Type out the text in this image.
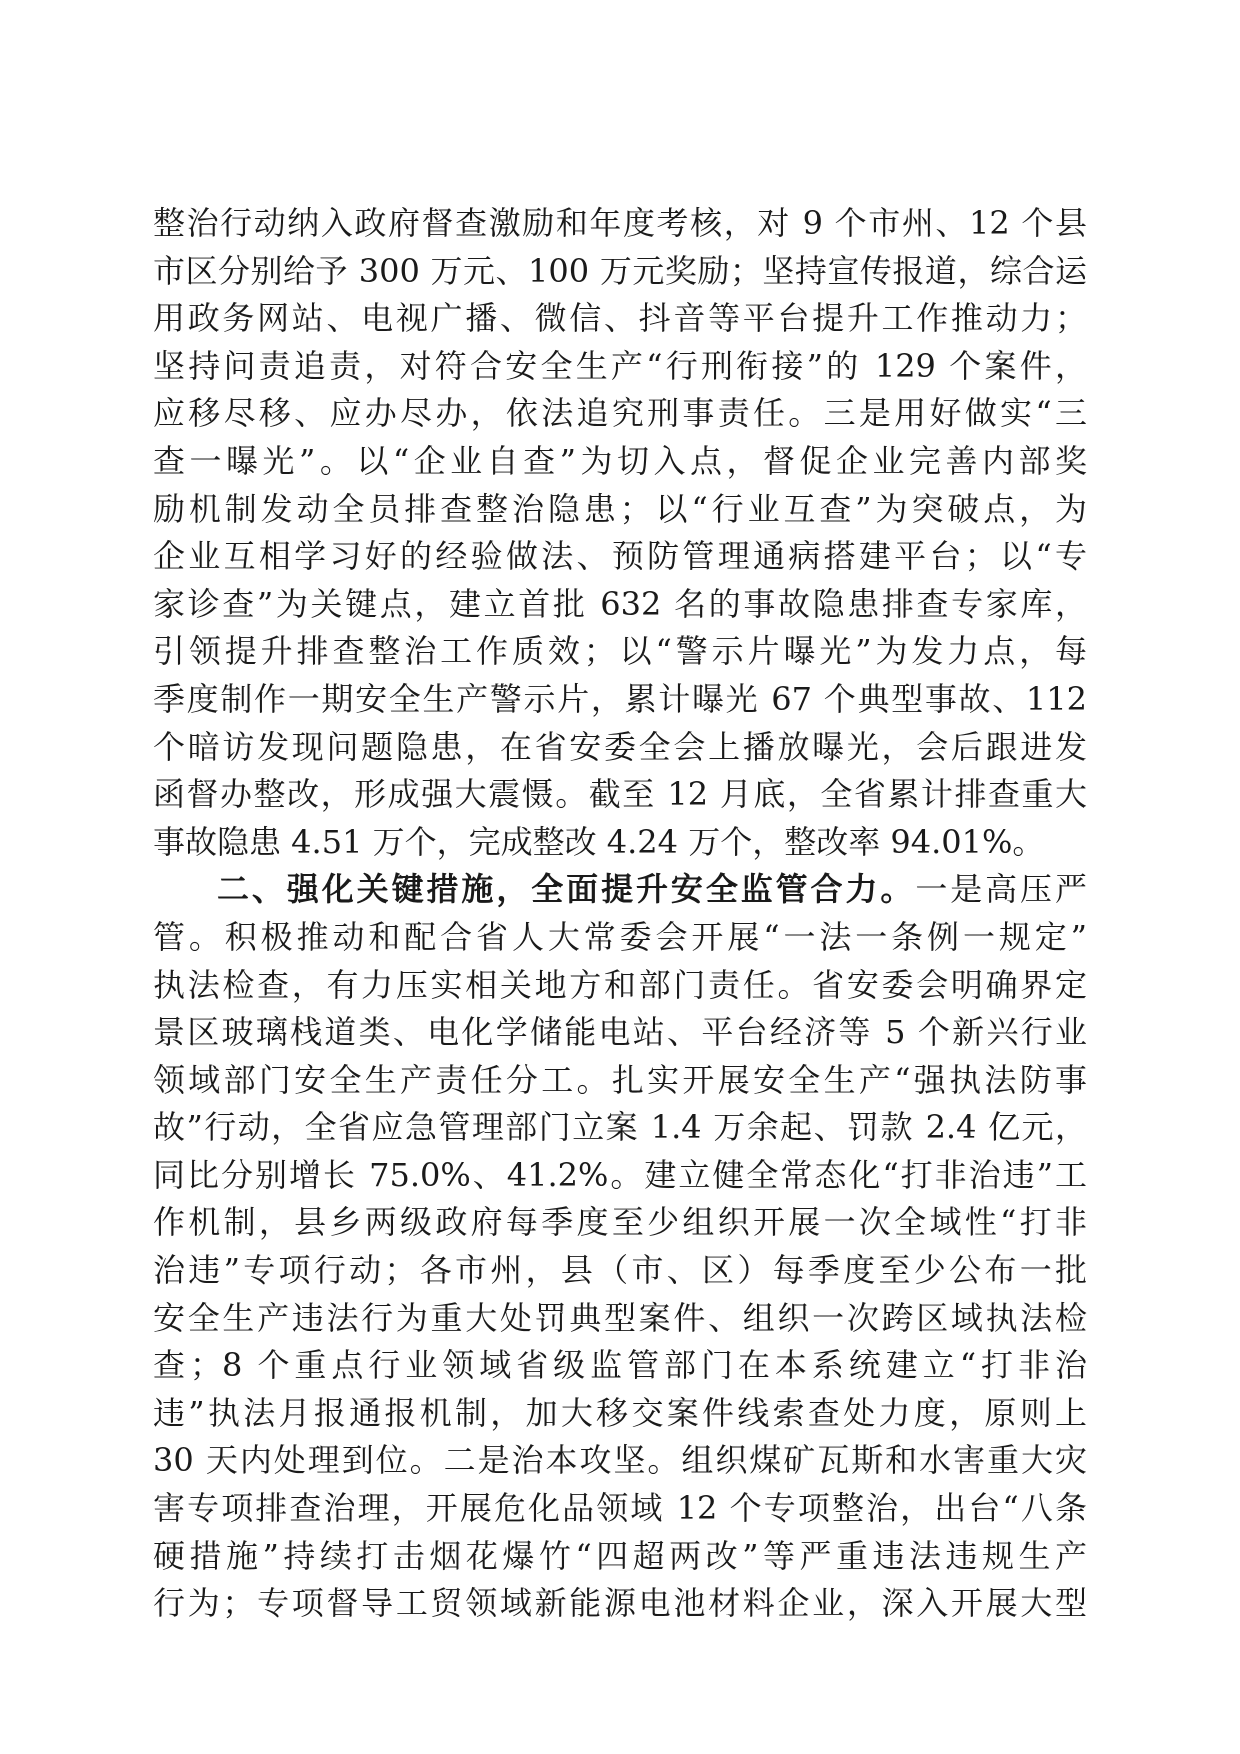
整治行动纳入政府督查激励和年度考核，对 9 个市州、12 个县
市区分别给予 300 万元、100 万元奖励；坚持宣传报道，综合运
用政务网站、电视广播、微信、抖音等平台提升工作推动力；
坚持问责追责，对符合安全生产“行刑衔接”的 129 个案件，
应移尽移、应办尽办，依法追究刑事责任。三是用好做实“三
查一曝光”。以“企业自查”为切入点，督促企业完善内部奖
励机制发动全员排查整治隐患；以“行业互查”为突破点，为
企业互相学习好的经验做法、预防管理通病搭建平台；以“专
家诊查”为关键点，建立首批 632 名的事故隐患排查专家库，
引领提升排查整治工作质效；以“警示片曝光”为发力点，每
季度制作一期安全生产警示片，累计曝光 67 个典型事故、112
个暗访发现问题隐患，在省安委全会上播放曝光，会后跟进发
函督办整改，形成强大震慑。截至 12 月底，全省累计排查重大
事故隐患 4.51 万个，完成整改 4.24 万个，整改率 94.01%。
二、强化关键措施，全面提升安全监管合力。一是高压严
管。积极推动和配合省人大常委会开展“一法一条例一规定”
执法检查，有力压实相关地方和部门责任。省安委会明确界定
景区玻璃栈道类、电化学储能电站、平台经济等 5 个新兴行业
领域部门安全生产责任分工。扎实开展安全生产“强执法防事
故”行动，全省应急管理部门立案 1.4 万余起、罚款 2.4 亿元，
同比分别增长 75.0%、41.2%。建立健全常态化“打非治违”工
作机制，县乡两级政府每季度至少组织开展一次全域性“打非
治违”专项行动；各市州，县（市、区）每季度至少公布一批
安全生产违法行为重大处罚典型案件、组织一次跨区域执法检
查；8 个重点行业领域省级监管部门在本系统建立“打非治
违”执法月报通报机制，加大移交案件线索查处力度，原则上
30 天内处理到位。二是治本攻坚。组织煤矿瓦斯和水害重大灾
害专项排查治理，开展危化品领域 12 个专项整治，出台“八条
硬措施”持续打击烟花爆竹“四超两改”等严重违法违规生产
行为；专项督导工贸领域新能源电池材料企业，深入开展大型
